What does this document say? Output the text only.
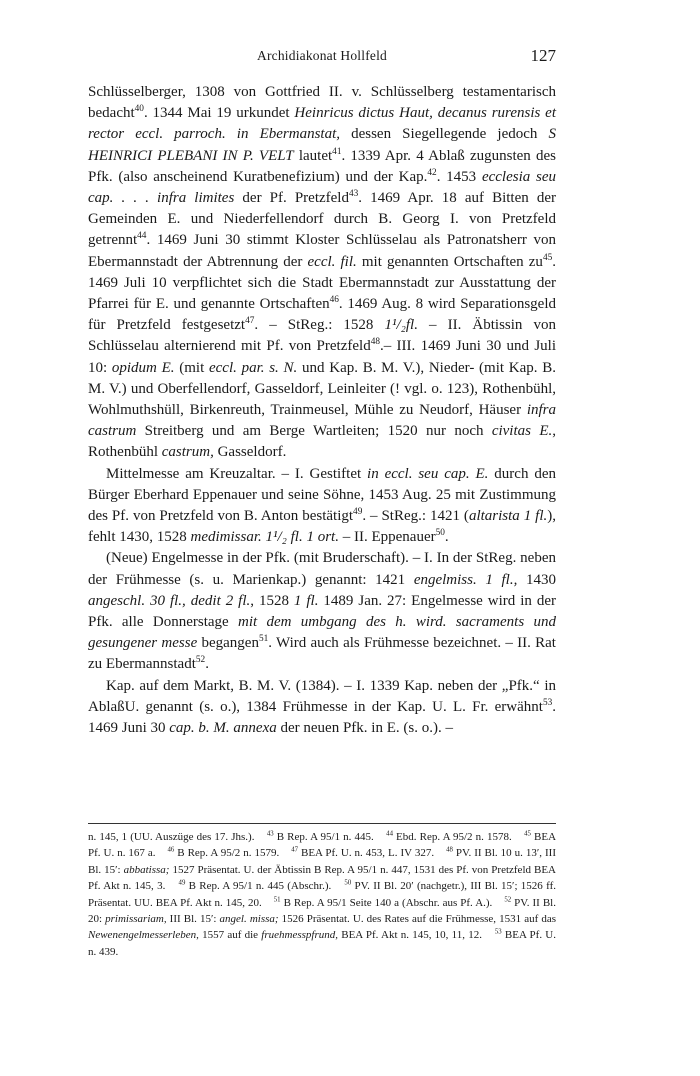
Archidiakonat Hollfeld	127

Schlüsselberger, 1308 von Gottfried II. v. Schlüsselberg testamentarisch bedacht$^{40}$. 1344 Mai 19 urkundet Heinricus dictus Haut, decanus rurensis et rector eccl. parroch. in Ebermanstat, dessen Siegellegende jedoch S HEINRICI PLEBANI IN P. VELT lautet$^{41}$. 1339 Apr. 4 Ablaß zugunsten des Pfk. (also anscheinend Kuratbenefizium) und der Kap.$^{42}$. 1453 ecclesia seu cap. . . . infra limites der Pf. Pretzfeld$^{43}$. 1469 Apr. 18 auf Bitten der Gemeinden E. und Niederfellendorf durch B. Georg I. von Pretzfeld getrennt$^{44}$. 1469 Juni 30 stimmt Kloster Schlüsselau als Patronatsherr von Ebermannstadt der Abtrennung der eccl. fil. mit genannten Ortschaften $zu^{45}$. 1469 Juli 10 verpflichtet sich die Stadt Ebermannstadt zur Ausstattung der Pfarrei für E. und genannte Ortschaften$^{46}$. 1469 Aug. 8 wird Separationsgeld für Pretzfeld festgesetzt$^{47}$. – StReg.: 1528 1¹/₂fl. – II. Äbtissin von Schlüsselau alternierend mit Pf. von Pretzfeld$^{48}$.– III. 1469 Juni 30 und Juli 10: opidum E. (mit eccl. par. s. N. und Kap. B. M. V.), Nieder- (mit Kap. B. M. V.) und Oberfellendorf, Gasseldorf, Leinleiter (! vgl. o. 123), Rothenbühl, Wohlmuthshüll, Birkenreuth, Trainmeusel, Mühle zu Neudorf, Häuser infra castrum Streitberg und am Berge Wartleiten; 1520 nur noch civitas E., Rothenbühl castrum, Gasseldorf.

Mittelmesse am Kreuzaltar. – I. Gestiftet in eccl. seu cap. E. durch den Bürger Eberhard Eppenauer und seine Söhne, 1453 Aug. 25 mit Zustimmung des Pf. von Pretzfeld von B. Anton bestätigt$^{49}$. – StReg.: 1421 (altarista 1 fl.), fehlt 1430, 1528 medimissar. 1¹/₂ fl. 1 ort. – II. Eppenauer$^{50}$.

(Neue) Engelmesse in der Pfk. (mit Bruderschaft). – I. In der StReg. neben der Frühmesse (s. u. Marienkap.) genannt: 1421 engelmiss. 1 fl., 1430 angeschl. 30 fl., dedit 2 fl., 1528 1 fl. 1489 Jan. 27: Engelmesse wird in der Pfk. alle Donnerstage mit dem umbgang des h. wird. sacraments und gesungener messe begangen$^{51}$. Wird auch als Frühmesse bezeichnet. – II. Rat zu Ebermannstadt$^{52}$.

Kap. auf dem Markt, B. M. V. (1384). – I. 1339 Kap. neben der „Pfk.“ in AblaßU. genannt (s. o.), 1384 Frühmesse in der Kap. U. L. Fr. erwähnt$^{53}$. 1469 Juni 30 cap. b. M. annexa der neuen Pfk. in E. (s. o.). –

n. 145, 1 (UU. Auszüge des 17. Jhs.).    $^{43}$ B Rep. A 95/1 n. 445.    $^{44}$ Ebd. Rep. A 95/2 n. 1578.    $^{45}$ BEA Pf. U. n. 167 a.    $^{46}$ B Rep. A 95/2 n. 1579.    $^{47}$ BEA Pf. U. n. 453, L. IV 327.    $^{48}$ PV. II Bl. 10 u. 13′, III Bl. 15′: abbatissa; 1527 Präsentat. U. der Äbtissin B Rep. A 95/1 n. 447, 1531 des Pf. von Pretzfeld BEA Pf. Akt n. 145, 3.    $^{49}$ B Rep. A 95/1 n. 445 (Abschr.).    $^{50}$ PV. II Bl. 20′ (nachgetr.), III Bl. 15′; 1526 ff. Präsentat. UU. BEA Pf. Akt n. 145, 20.    $^{51}$ B Rep. A 95/1 Seite 140 a (Abschr. aus Pf. A.).    $^{52}$ PV. II Bl. 20: primissariam, III Bl. 15′: angel. missa; 1526 Präsentat. U. des Rates auf die Frühmesse, 1531 auf das Newenengelmesserleben, 1557 auf die fruehmesspfrund, BEA Pf. Akt n. 145, 10, 11, 12.    $^{53}$ BEA Pf. U. n. 439.
